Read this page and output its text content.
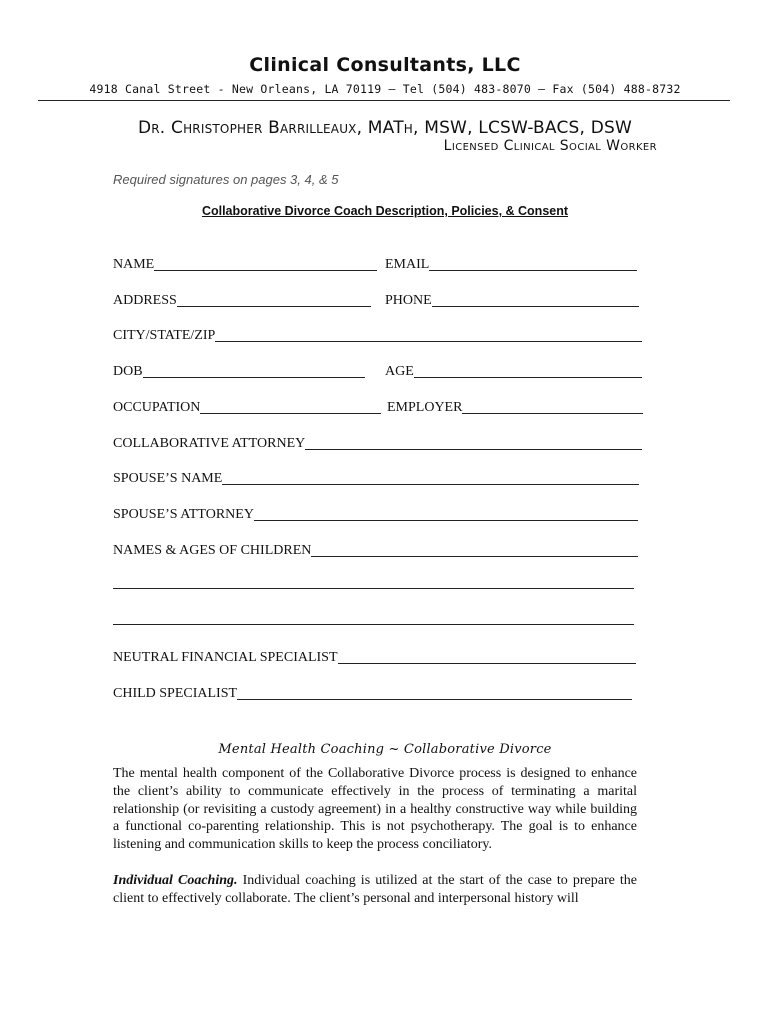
Clinical Consultants, LLC
4918 Canal Street - New Orleans, LA 70119 – Tel (504) 483-8070 – Fax (504) 488-8732
Dr. Christopher Barrilleaux, MATh, MSW, LCSW-BACS, DSW
Licensed Clinical Social Worker
Required signatures on pages 3, 4, & 5
Collaborative Divorce Coach Description, Policies, & Consent
NAME	EMAIL
ADDRESS	PHONE
CITY/STATE/ZIP
DOB	AGE
OCCUPATION	EMPLOYER
COLLABORATIVE ATTORNEY
SPOUSE’S NAME
SPOUSE’S ATTORNEY
NAMES & AGES OF CHILDREN
NEUTRAL FINANCIAL SPECIALIST
CHILD SPECIALIST
Mental Health Coaching ~ Collaborative Divorce

The mental health component of the Collaborative Divorce process is designed to enhance the client’s ability to communicate effectively in the process of terminating a marital relationship (or revisiting a custody agreement) in a healthy constructive way while building a functional co-parenting relationship. This is not psychotherapy. The goal is to enhance listening and communication skills to keep the process conciliatory.

Individual Coaching. Individual coaching is utilized at the start of the case to prepare the client to effectively collaborate. The client’s personal and interpersonal history will
